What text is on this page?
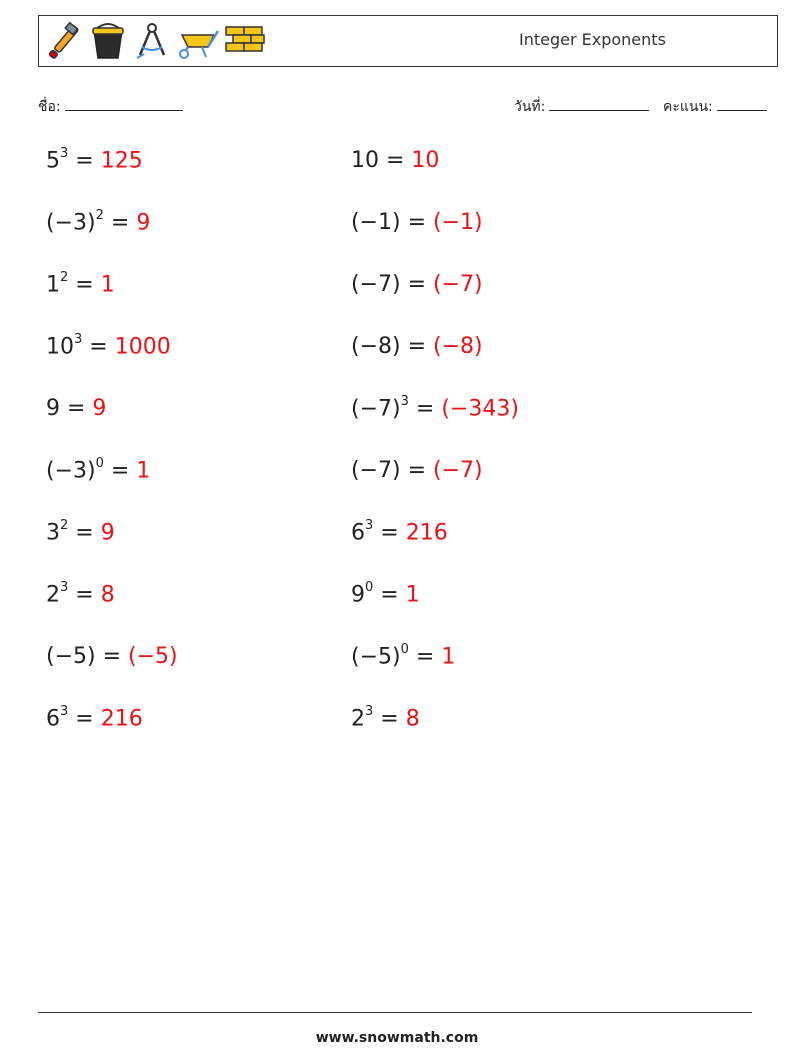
Integer Exponents
ชื่อ:	วันที่:	คะแนน:
$5^3 = 125$
$(-3)^2 = 9$
$1^2 = 1$
$10^3 = 1000$
9 = 9
$(-3)^0 = 1$
$3^2 = 9$
$2^3 = 8$
(−5) = (−5)
$6^3 = 216$
10 = 10
(−1) = (−1)
(−7) = (−7)
(−8) = (−8)
$(-7)^3 = (-343)$
(−7) = (−7)
$6^3 = 216$
$9^0 = 1$
$(-5)^0 = 1$
$2^3 = 8$
www.snowmath.com
